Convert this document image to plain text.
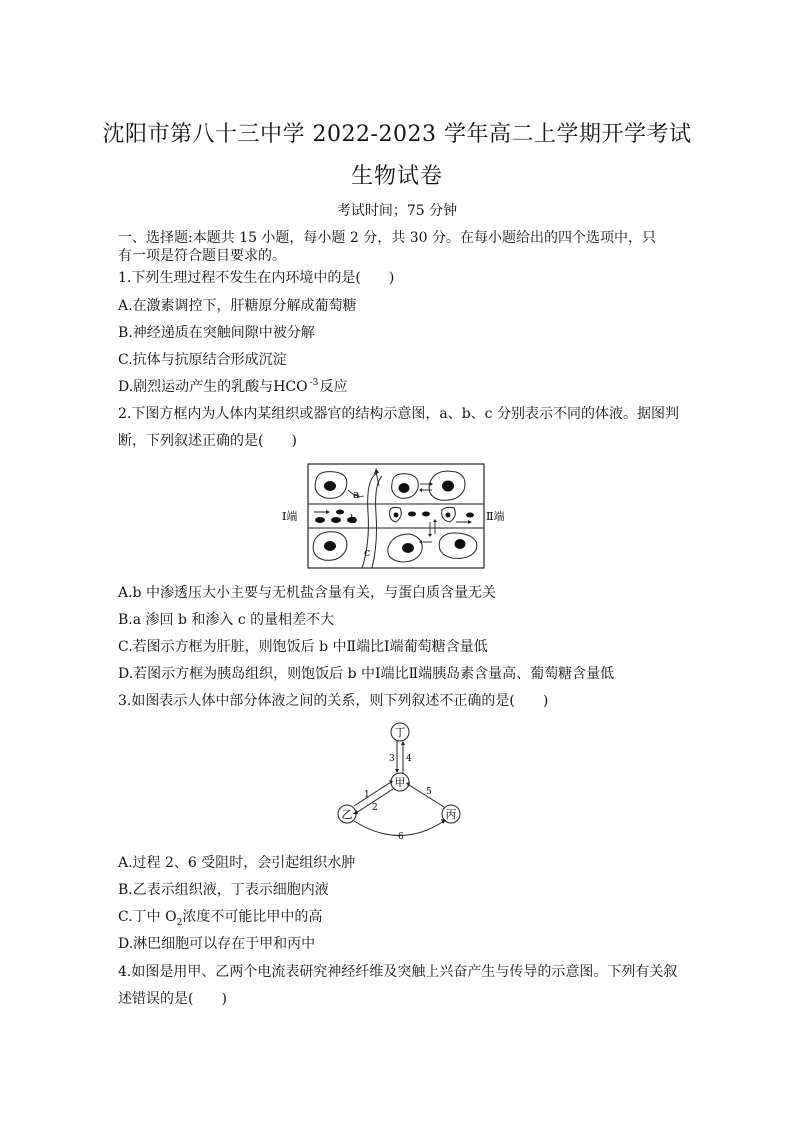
沈阳市第八十三中学 2022-2023 学年高二上学期开学考试
生物试卷
考试时间；75 分钟
一、选择题:本题共 15 小题，每小题 2 分，共 30 分。在每小题给出的四个选项中，只
有一项是符合题目要求的。
1.下列生理过程不发生在内环境中的是(　　)
A.在激素调控下，肝糖原分解成葡萄糖
B.神经递质在突触间隙中被分解
C.抗体与抗原结合形成沉淀
D.剧烈运动产生的乳酸与HCO -3 反应
2.下图方框内为人体内某组织或器官的结构示意图，a、b、c 分别表示不同的体液。据图判
断，下列叙述正确的是(　　)
a
b
c
Ⅰ端	Ⅱ端
A.b 中渗透压大小主要与无机盐含量有关，与蛋白质含量无关
B.a 渗回 b 和渗入 c 的量相差不大
C.若图示方框为肝脏，则饱饭后 b 中Ⅱ端比Ⅰ端葡萄糖含量低
D.若图示方框为胰岛组织，则饱饭后 b 中Ⅰ端比Ⅱ端胰岛素含量高、葡萄糖含量低
3.如图表示人体中部分体液之间的关系，则下列叙述不正确的是(　　)
丁
甲
乙	丙
3 4
1
2
5
6
A.过程 2、6 受阻时，会引起组织水肿
B.乙表示组织液，丁表示细胞内液
C.丁中 $O_2$浓度不可能比甲中的高
D.淋巴细胞可以存在于甲和丙中
4.如图是用甲、乙两个电流表研究神经纤维及突触上兴奋产生与传导的示意图。下列有关叙
述错误的是(　　)
